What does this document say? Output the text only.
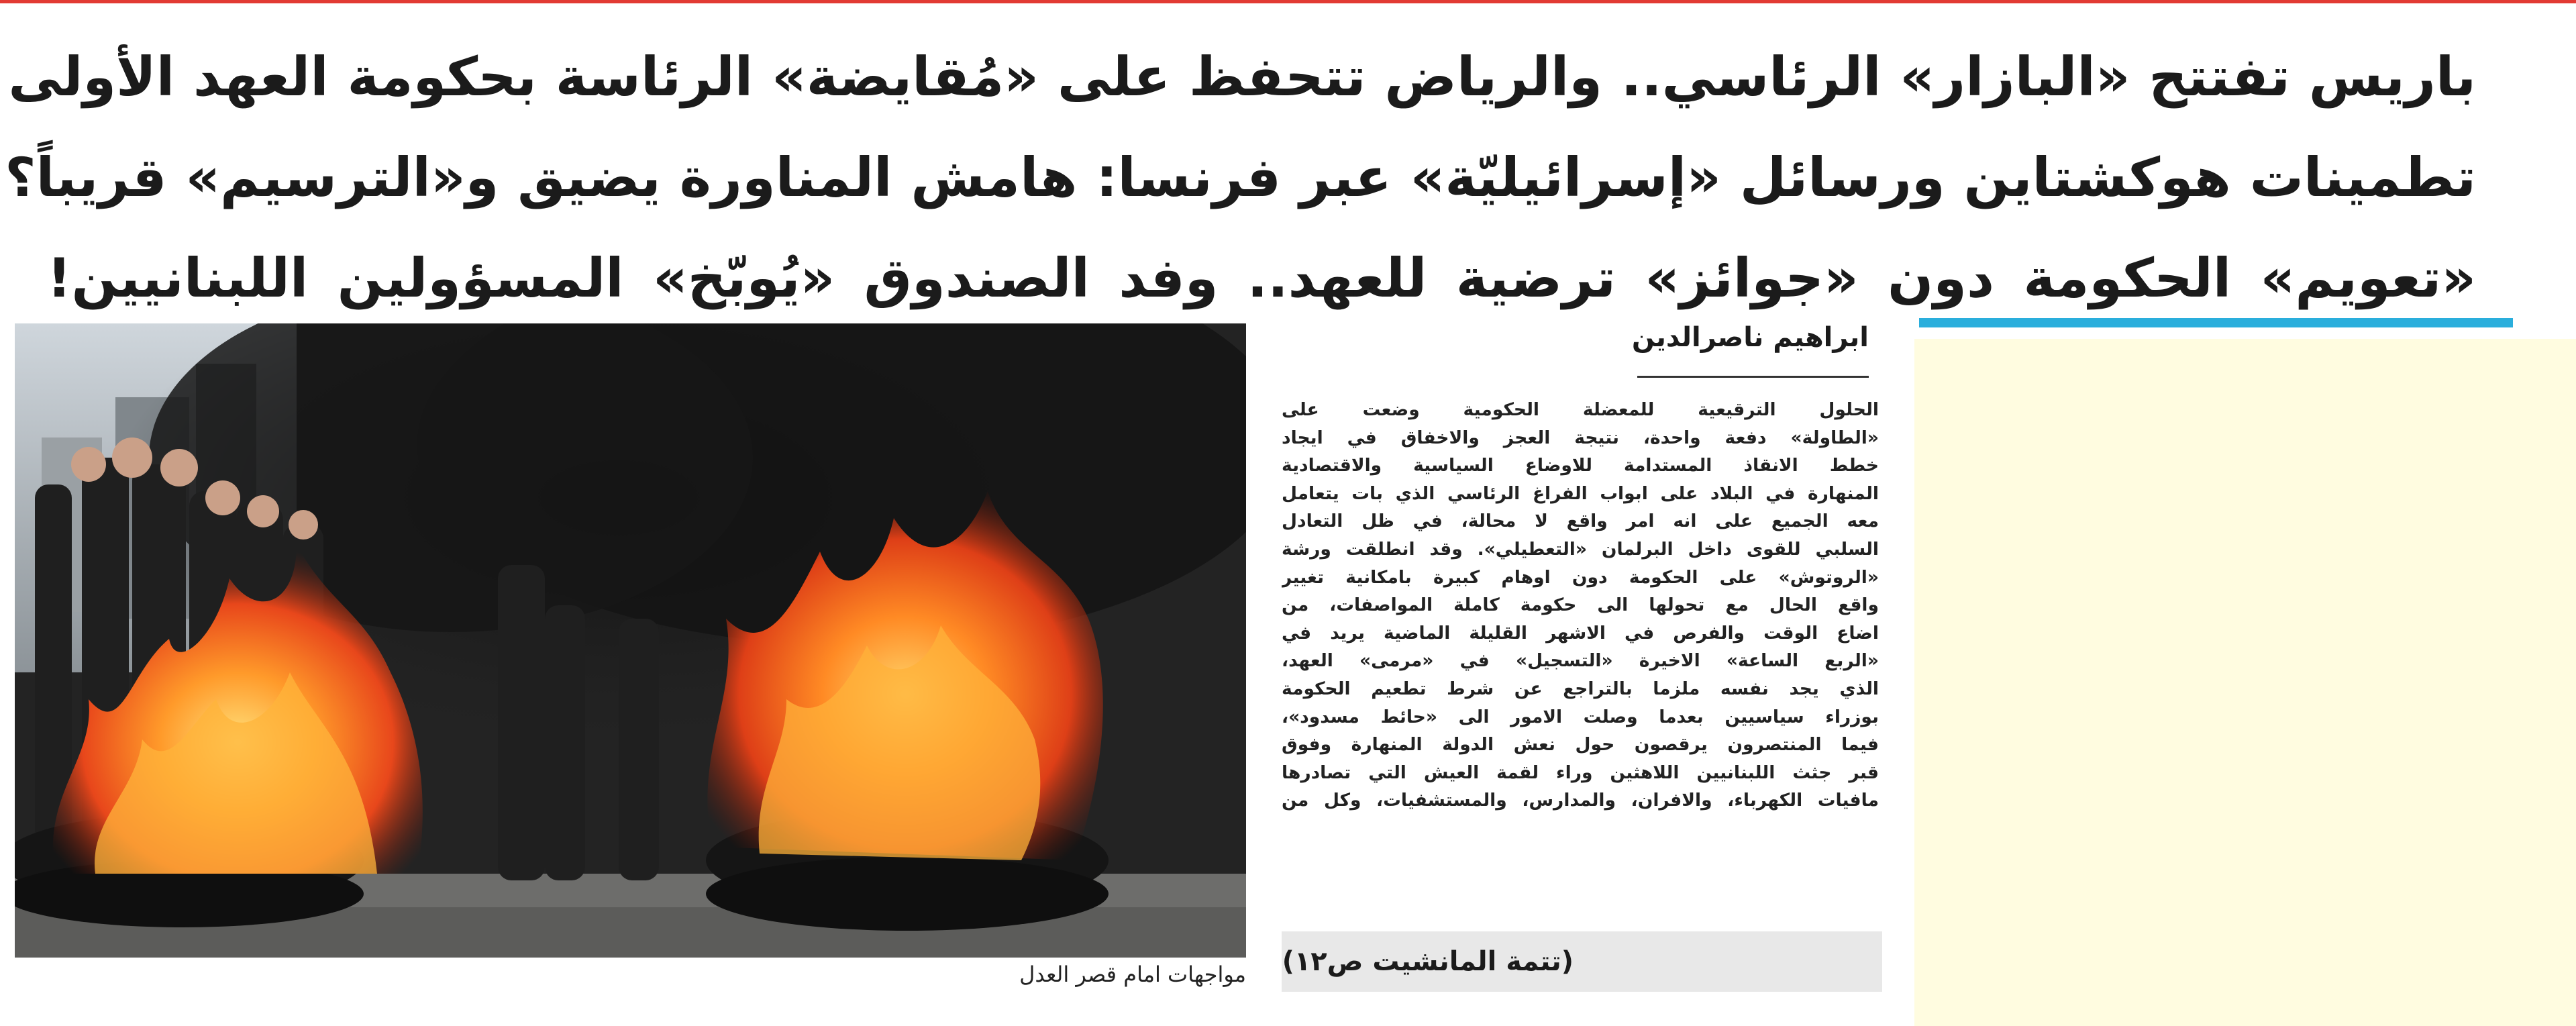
باريس تفتتح «البازار» الرئاسي.. والرياض تتحفظ على «مُقايضة» الرئاسة بحكومة العهد الأولى
تطمينات هوكشتاين ورسائل «إسرائيليّة» عبر فرنسا: هامش المناورة يضيق و«الترسيم» قريباً؟
«تعويم» الحكومة دون «جوائز» ترضية للعهد.. وفد الصندوق «يُوبّخ» المسؤولين اللبنانيين!
مواجهات امام قصر العدل
ابراهيم ناصرالدين
الحلول الترقيعية للمعضلة الحكومية وضعت على
«الطاولة» دفعة واحدة، نتيجة العجز والاخفاق في ايجاد
خطط الانقاذ المستدامة للاوضاع السياسية والاقتصادية
المنهارة في البلاد على ابواب الفراغ الرئاسي الذي بات يتعامل
معه الجميع على انه امر واقع لا محالة، في ظل التعادل
السلبي للقوى داخل البرلمان «التعطيلي». وقد انطلقت ورشة
«الروتوش» على الحكومة دون اوهام كبيرة بامكانية تغيير
واقع الحال مع تحولها الى حكومة كاملة المواصفات، من
اضاع الوقت والفرص في الاشهر القليلة الماضية يريد في
«الربع الساعة» الاخيرة «التسجيل» في «مرمى» العهد،
الذي يجد نفسه ملزما بالتراجع عن شرط تطعيم الحكومة
بوزراء سياسيين بعدما وصلت الامور الى «حائط مسدود»،
فيما المنتصرون يرقصون حول نعش الدولة المنهارة وفوق
قبر جثث اللبنانيين اللاهثين وراء لقمة العيش التي تصادرها
مافيات الكهرباء، والافران، والمدارس، والمستشفيات، وكل من
(تتمة المانشيت ص١٢)
